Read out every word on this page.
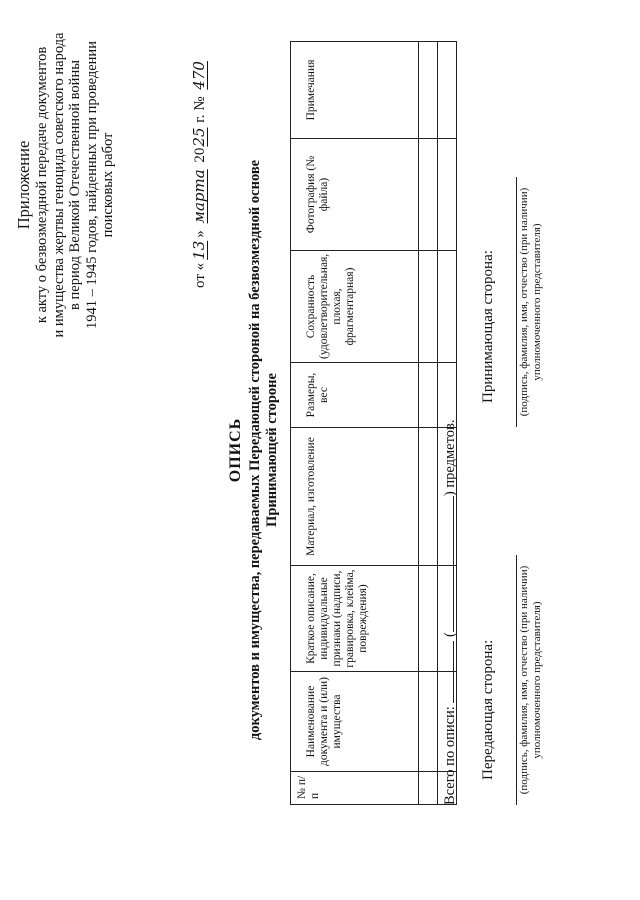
Приложение к акту о безвозмездной передаче документов и имущества жертвы геноцида советского народа в период Великой Отечественной войны 1941 – 1945 годов, найденных при проведении поисковых работ
от «13» марта 2025 г. № 470
ОПИСЬ документов и имущества, передаваемых Передающей стороной на безвозмездной основе Принимающей стороне
№ п/п	Наименование документа и (или) имущества	Краткое описание, индивидуальные признаки (надписи, гравировка, клейма, повреждения)	Материал, изготовление	Размеры, вес	Сохранность (удовлетворительная, плохая, фрагментарная)	Фотография (№ файла)	Примечания

Всего по описи:  () предметов.
Передающая сторона:
Принимающая сторона:
(подпись, фамилия, имя, отчество (при наличии) уполномоченного представителя)
(подпись, фамилия, имя, отчество (при наличии) уполномоченного представителя)
